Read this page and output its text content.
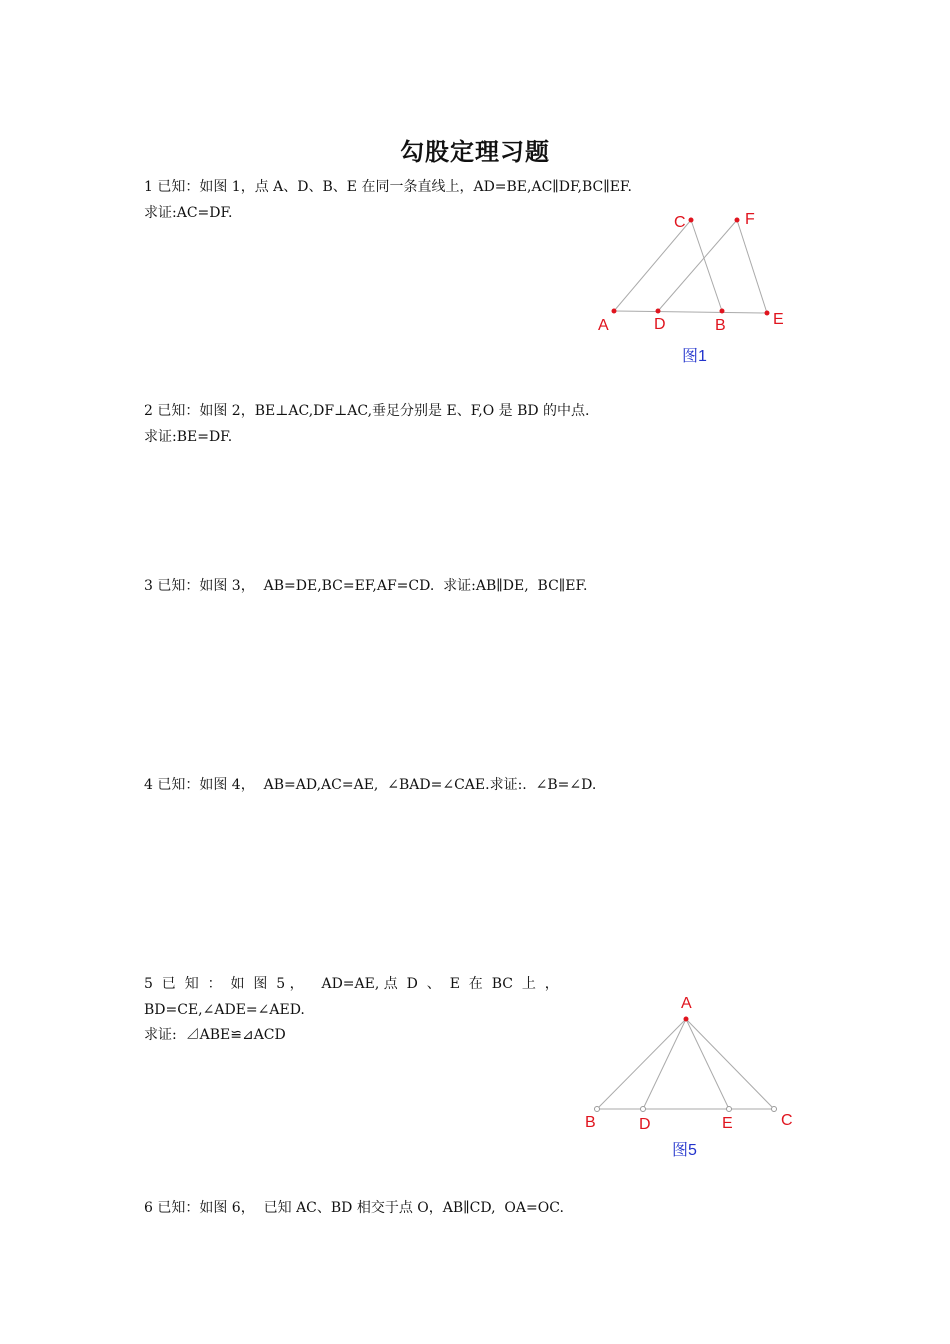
勾股定理习题
1 已知：如图 1，点 A、D、B、E 在同一条直线上，AD=BE,AC∥DF,BC∥EF.
求证:AC=DF.
A	D	B	E
C	F
图1
2 已知：如图 2，BE⊥AC,DF⊥AC,垂足分别是 E、F,O 是 BD 的中点.
求证:BE=DF.
3 已知：如图 3，  AB=DE,BC=EF,AF=CD.  求证:AB∥DE,  BC∥EF.
4 已知：如图 4，  AB=AD,AC=AE,  ∠BAD=∠CAE.求证:.  ∠B=∠D.
5  已  知  ：  如  图  5 ，    AD=AE, 点  D  、  E  在  BC  上  ，
BD=CE,∠ADE=∠AED.
求证:  ⊿ABE≌⊿ACD
A
B	D	E	C
图5
6 已知：如图 6，  已知 AC、BD 相交于点 O，AB∥CD,  OA=OC.
